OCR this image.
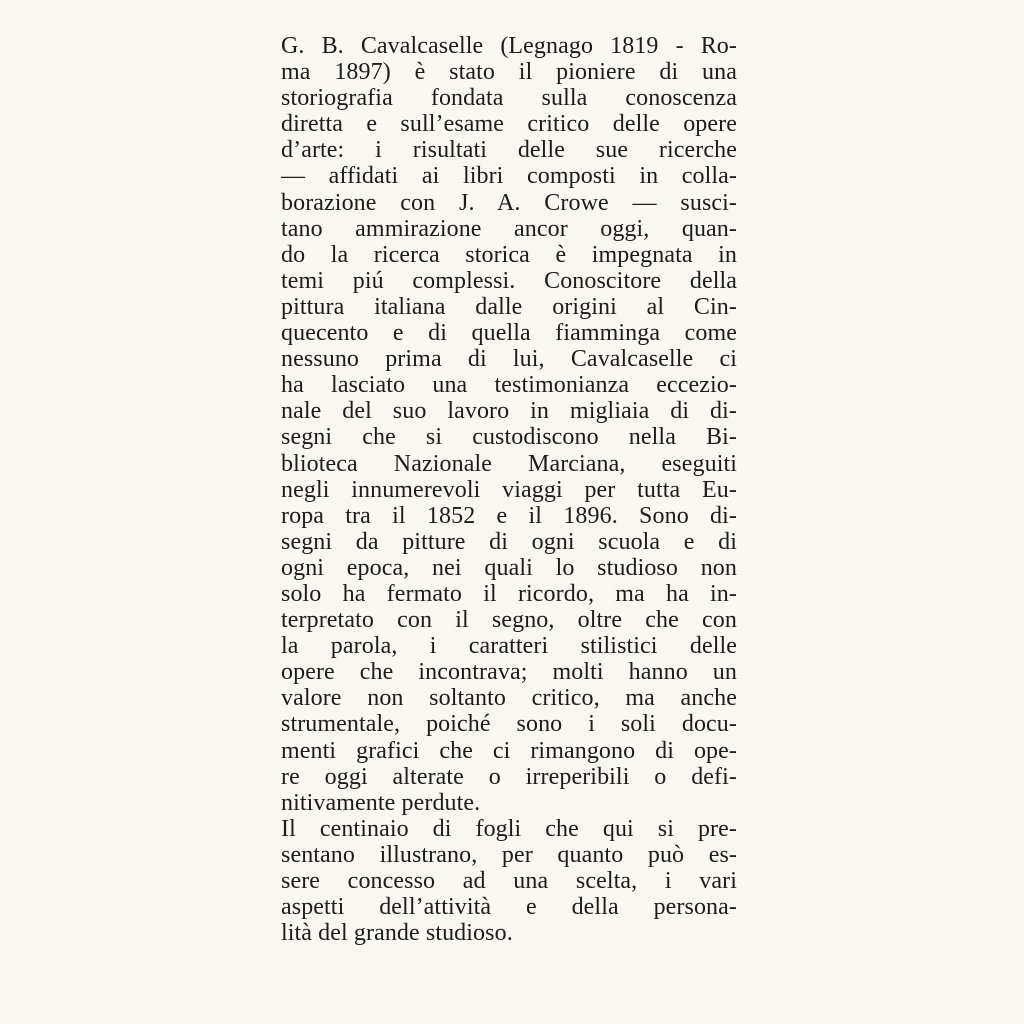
G. B. Cavalcaselle (Legnago 1819 - Ro-
ma 1897) è stato il pioniere di una
storiografia fondata sulla conoscenza
diretta e sull’esame critico delle opere
d’arte: i risultati delle sue ricerche
— affidati ai libri composti in colla-
borazione con J. A. Crowe — susci-
tano ammirazione ancor oggi, quan-
do la ricerca storica è impegnata in
temi piú complessi. Conoscitore della
pittura italiana dalle origini al Cin-
quecento e di quella fiamminga come
nessuno prima di lui, Cavalcaselle ci
ha lasciato una testimonianza eccezio-
nale del suo lavoro in migliaia di di-
segni che si custodiscono nella Bi-
blioteca Nazionale Marciana, eseguiti
negli innumerevoli viaggi per tutta Eu-
ropa tra il 1852 e il 1896. Sono di-
segni da pitture di ogni scuola e di
ogni epoca, nei quali lo studioso non
solo ha fermato il ricordo, ma ha in-
terpretato con il segno, oltre che con
la parola, i caratteri stilistici delle
opere che incontrava; molti hanno un
valore non soltanto critico, ma anche
strumentale, poiché sono i soli docu-
menti grafici che ci rimangono di ope-
re oggi alterate o irreperibili o defi-
nitivamente perdute.
Il centinaio di fogli che qui si pre-
sentano illustrano, per quanto può es-
sere concesso ad una scelta, i vari
aspetti dell’attività e della persona-
lità del grande studioso.
